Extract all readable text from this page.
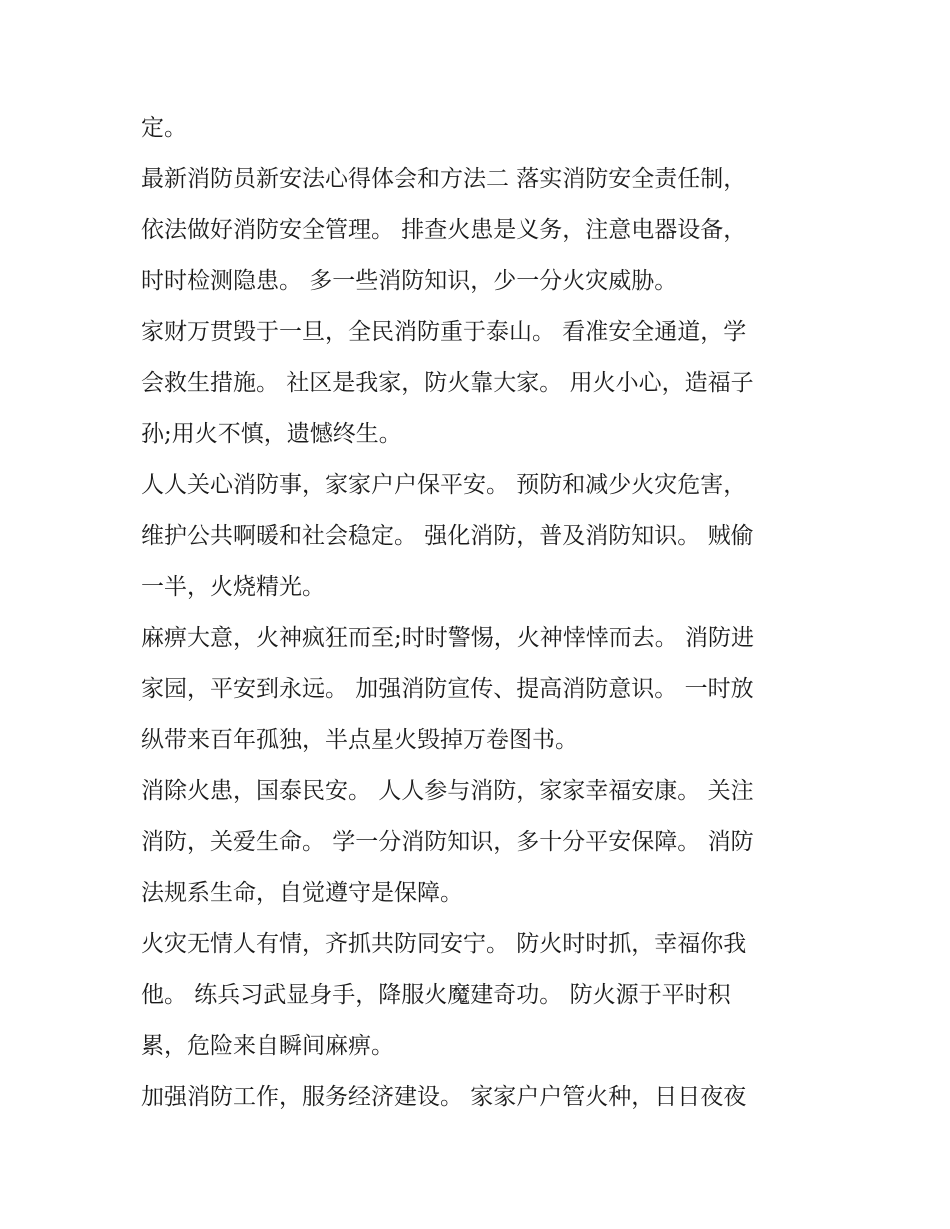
定。
最新消防员新安法心得体会和方法二 落实消防安全责任制，
依法做好消防安全管理。 排查火患是义务，注意电器设备，
时时检测隐患。 多一些消防知识，少一分火灾威胁。
家财万贯毁于一旦，全民消防重于泰山。 看准安全通道，学
会救生措施。 社区是我家，防火靠大家。 用火小心，造福子
孙;用火不慎，遗憾终生。
人人关心消防事，家家户户保平安。 预防和减少火灾危害，
维护公共啊暖和社会稳定。 强化消防，普及消防知识。 贼偷
一半，火烧精光。
麻痹大意，火神疯狂而至;时时警惕，火神悻悻而去。 消防进
家园，平安到永远。 加强消防宣传、提高消防意识。 一时放
纵带来百年孤独，半点星火毁掉万卷图书。
消除火患，国泰民安。 人人参与消防，家家幸福安康。 关注
消防，关爱生命。 学一分消防知识，多十分平安保障。 消防
法规系生命，自觉遵守是保障。
火灾无情人有情，齐抓共防同安宁。 防火时时抓，幸福你我
他。 练兵习武显身手，降服火魔建奇功。 防火源于平时积
累，危险来自瞬间麻痹。
加强消防工作，服务经济建设。 家家户户管火种，日日夜夜
